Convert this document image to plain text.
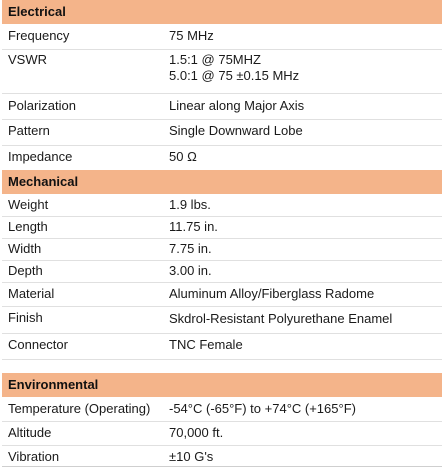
Electrical
Frequency	75 MHz
VSWR	1.5:1 @ 75MHZ
5.0:1 @ 75 ±0.15 MHz
Polarization	Linear along Major Axis
Pattern	Single Downward Lobe
Impedance	50 Ω
Mechanical
Weight	1.9 lbs.
Length	11.75 in.
Width	7.75 in.
Depth	3.00 in.
Material	Aluminum Alloy/Fiberglass Radome
Finish	Skdrol-Resistant Polyurethane Enamel
Connector	TNC Female
Environmental
Temperature (Operating) -54°C (-65°F) to +74°C (+165°F)
Altitude	70,000 ft.
Vibration	±10 G's
